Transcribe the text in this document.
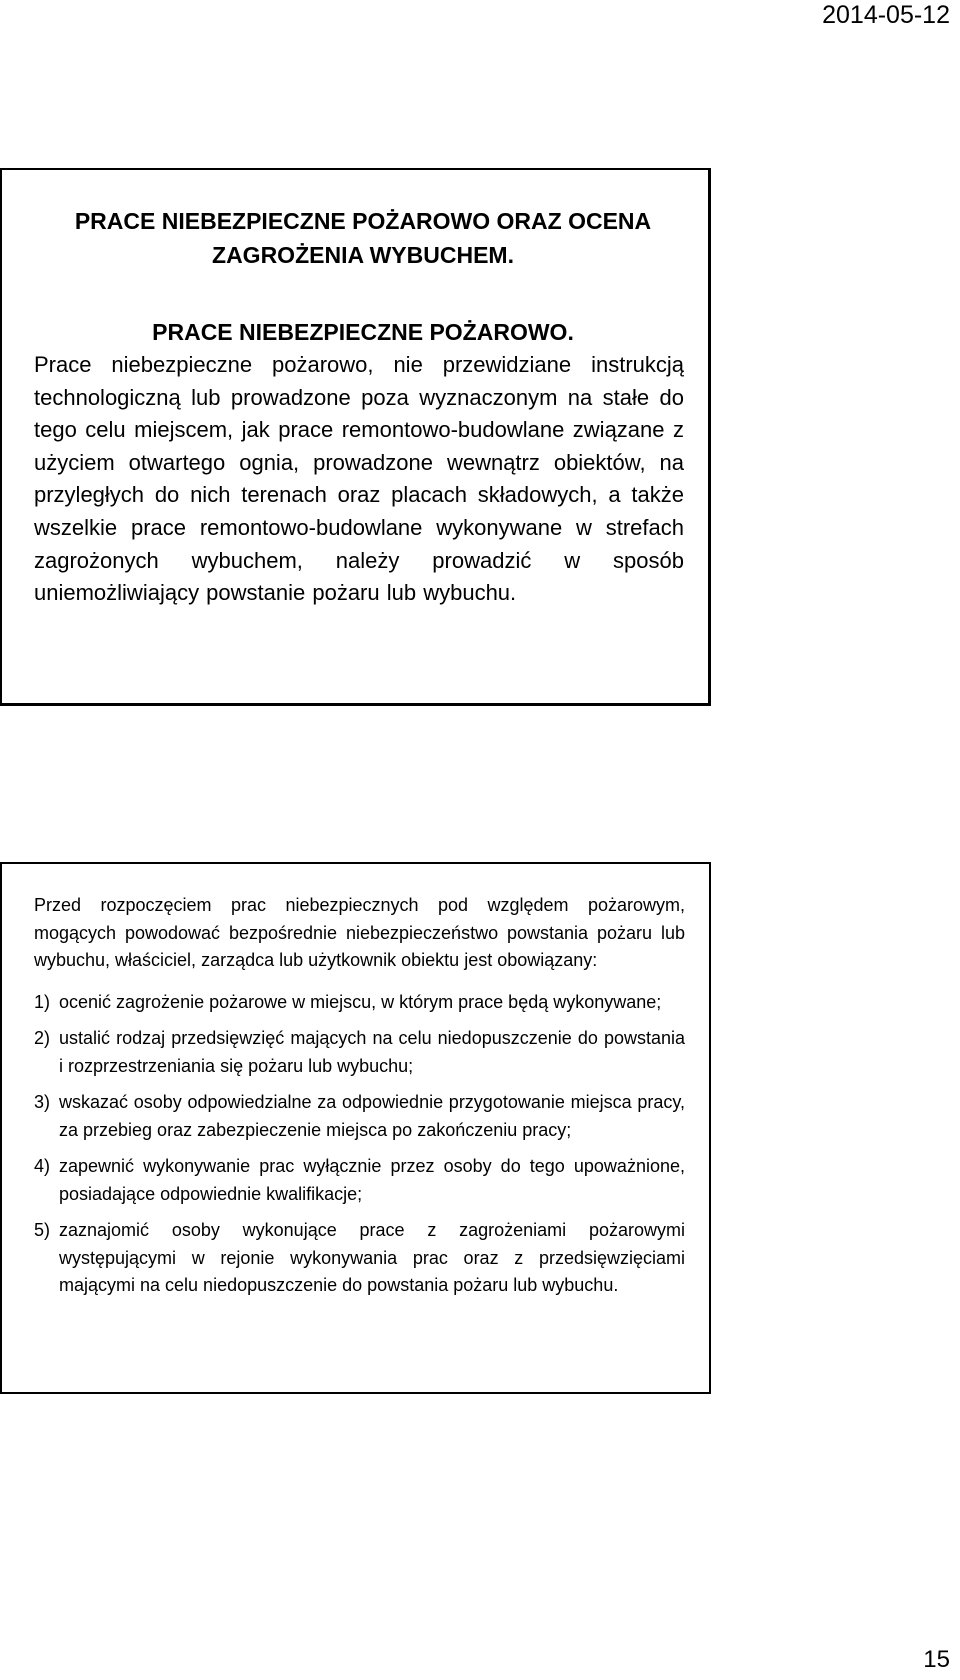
2014-05-12

PRACE NIEBEZPIECZNE POŻAROWO ORAZ OCENA

ZAGROŻENIA WYBUCHEM.

PRACE NIEBEZPIECZNE POŻAROWO.

Prace niebezpieczne pożarowo, nie przewidziane instrukcją technologiczną lub prowadzone poza wyznaczonym na stałe do tego celu miejscem, jak prace remontowo-budowlane związane z użyciem otwartego ognia, prowadzone wewnątrz obiektów, na przyległych do nich terenach oraz placach składowych, a także wszelkie prace remontowo-budowlane wykonywane w strefach zagrożonych wybuchem, należy prowadzić w sposób uniemożliwiający powstanie pożaru lub wybuchu.

Przed rozpoczęciem prac niebezpiecznych pod względem pożarowym, mogących powodować bezpośrednie niebezpieczeństwo powstania pożaru lub wybuchu, właściciel, zarządca lub użytkownik obiektu jest obowiązany:

1) ocenić zagrożenie pożarowe w miejscu, w którym prace będą wykonywane;
2) ustalić rodzaj przedsięwzięć mających na celu niedopuszczenie do powstania i rozprzestrzeniania się pożaru lub wybuchu;
3) wskazać osoby odpowiedzialne za odpowiednie przygotowanie miejsca pracy, za przebieg oraz zabezpieczenie miejsca po zakończeniu pracy;
4) zapewnić wykonywanie prac wyłącznie przez osoby do tego upoważnione, posiadające odpowiednie kwalifikacje;
5) zaznajomić osoby wykonujące prace z zagrożeniami pożarowymi występującymi w rejonie wykonywania prac oraz z przedsięwzięciami mającymi na celu niedopuszczenie do powstania pożaru lub wybuchu.
15
